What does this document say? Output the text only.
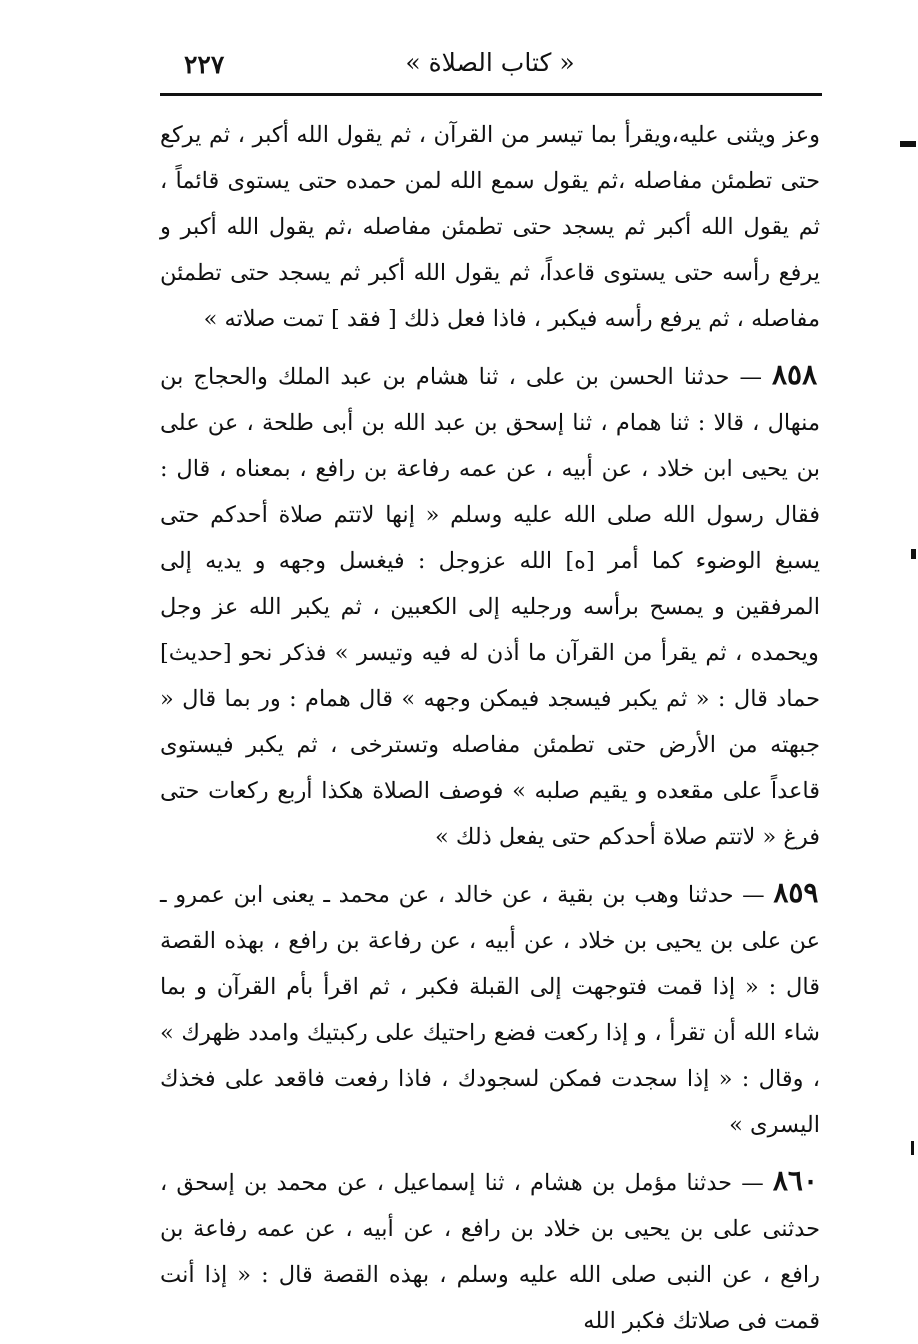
٢٢٧	« كتاب الصلاة »

وعز ويثنى عليه،ويقرأ بما تيسر من القرآن ، ثم يقول الله أكبر ، ثم يركع حتى تطمئن مفاصله ،ثم يقول سمع الله لمن حمده حتى يستوى قائماً ، ثم يقول الله أكبر ثم يسجد حتى تطمئن مفاصله ،ثم يقول الله أكبر و يرفع رأسه حتى يستوى قاعداً، ثم يقول الله أكبر ثم يسجد حتى تطمئن مفاصله ، ثم يرفع رأسه فيكبر ، فاذا فعل ذلك [ فقد ] تمت صلاته »

٨٥٨ — حدثنا الحسن بن على ، ثنا هشام بن عبد الملك والحجاج بن منهال ، قالا : ثنا همام ، ثنا إسحق بن عبد الله بن أبى طلحة ، عن على بن يحيى ابن خلاد ، عن أبيه ، عن عمه رفاعة بن رافع ، بمعناه ، قال : فقال رسول الله صلى الله عليه وسلم « إنها لاتتم صلاة أحدكم حتى يسبغ الوضوء كما أمر [ه] الله عزوجل : فيغسل وجهه و يديه إلى المرفقين و يمسح برأسه ورجليه إلى الكعبين ، ثم يكبر الله عز وجل ويحمده ، ثم يقرأ من القرآن ما أذن له فيه وتيسر » فذكر نحو [حديث] حماد قال : « ثم يكبر فيسجد فيمكن وجهه » قال همام : ور بما قال « جبهته من الأرض حتى تطمئن مفاصله وتسترخى ، ثم يكبر فيستوى قاعداً على مقعده و يقيم صلبه » فوصف الصلاة هكذا أربع ركعات حتى فرغ « لاتتم صلاة أحدكم حتى يفعل ذلك »

٨٥٩ — حدثنا وهب بن بقية ، عن خالد ، عن محمد ـ يعنى ابن عمرو ـ عن على بن يحيى بن خلاد ، عن أبيه ، عن رفاعة بن رافع ، بهذه القصة قال : « إذا قمت فتوجهت إلى القبلة فكبر ، ثم اقرأ بأم القرآن و بما شاء الله أن تقرأ ، و إذا ركعت فضع راحتيك على ركبتيك وامدد ظهرك » ، وقال : « إذا سجدت فمكن لسجودك ، فاذا رفعت فاقعد على فخذك اليسرى »

٨٦٠ — حدثنا مؤمل بن هشام ، ثنا إسماعيل ، عن محمد بن إسحق ، حدثنى على بن يحيى بن خلاد بن رافع ، عن أبيه ، عن عمه رفاعة بن رافع ، عن النبى صلى الله عليه وسلم ، بهذه القصة قال : « إذا أنت قمت فى صلاتك فكبر الله
